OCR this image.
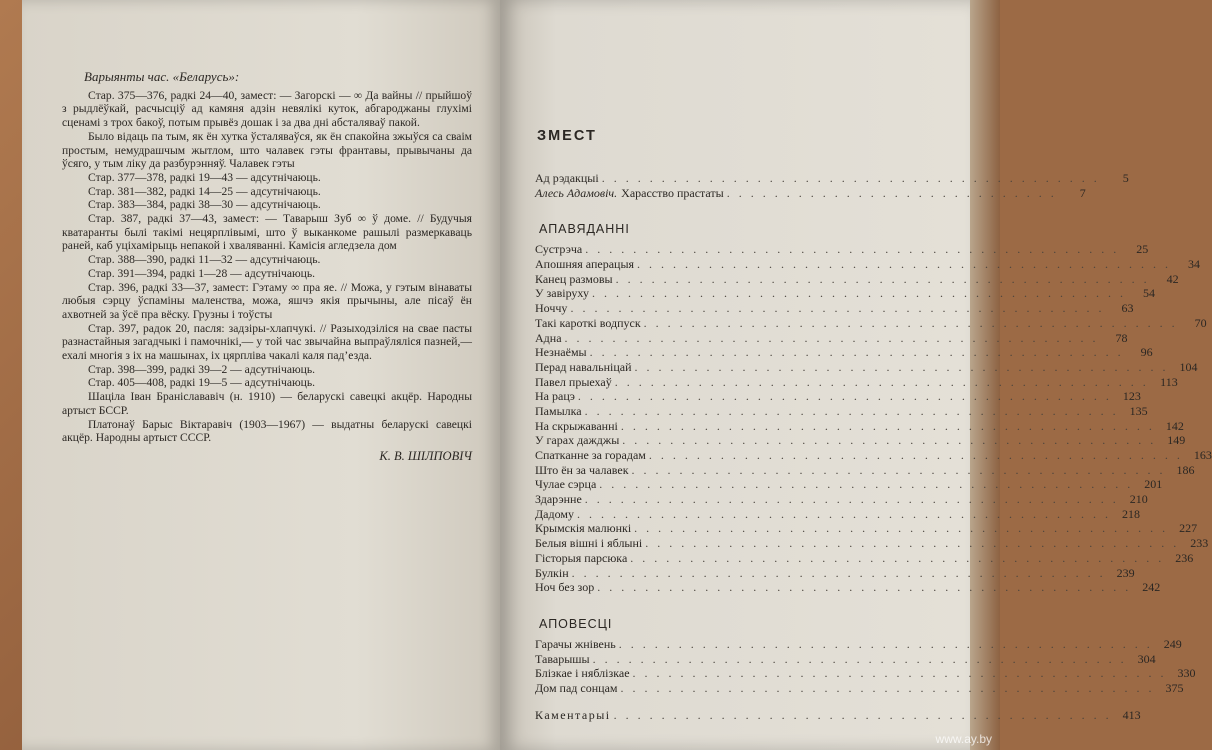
Варыянты час. «Беларусь»:

Стар. 375—376, радкі 24—40, замест: — Загорскі — ∞ Да вайны // прыйшоў з рыдлёўкай, расчысціў ад камяня адзін невялікі куток, абгароджаны глухімі сценамі з трох бакоў, потым прывёз дошак і за два дні абсталяваў пакой.

Было відаць па тым, як ён хутка ўсталяваўся, як ён спакойна зжыўся са сваім простым, немудрашчым жытлом, што чалавек гэты франтавы, прывычаны да ўсяго, у тым ліку да разбурэнняў. Чалавек гэты

Стар. 377—378, радкі 19—43 — адсутнічаюць.

Стар. 381—382, радкі 14—25 — адсутнічаюць.

Стар. 383—384, радкі 38—30 — адсутнічаюць.

Стар. 387, радкі 37—43, замест: — Таварыш Зуб ∞ ў доме. // Будучыя кватаранты былі такімі нецярплівымі, што ў выканкоме рашылі размеркаваць раней, каб уціхамірыць непакой і хваляванні. Камісія агледзела дом

Стар. 388—390, радкі 11—32 — адсутнічаюць.

Стар. 391—394, радкі 1—28 — адсутнічаюць.

Стар. 396, радкі 33—37, замест: Гэтаму ∞ пра яе. // Можа, у гэтым вінаваты любыя сэрцу ўспаміны маленства, можа, яшчэ якія прычыны, але пісаў ён ахвотней за ўсё пра вёску. Грузны і тоўсты

Стар. 397, радок 20, пасля: задзіры-хлапчукі. // Разыходзіліся на свае пасты разнастайныя загадчыкі і памочнікі,— у той час звычайна выпраўляліся пазней,— ехалі многія з іх на машынах, іх цярпліва чакалі каля пад’езда.

Стар. 398—399, радкі 39—2 — адсутнічаюць.

Стар. 405—408, радкі 19—5 — адсутнічаюць.

Шацiла Іван Браніслававіч (н. 1910) — беларускі савецкі акцёр. Народны артыст БССР.

Платонаў Барыс Віктаравіч (1903—1967) — выдатны беларускі савецкі акцёр. Народны артыст СССР.

К. В. ШІЛПОВІЧ

ЗМЕСТ
Ад рэдакцыі . . . . . . . . . . . . . . . . . . . . . . . . . . . . . . . . . . . . . . . . . .	5
Алесь Адамовіч. Харасство прастаты . . . . . . . . . . . . . . . . . . . . . . . . . . . .	7
АПАВЯДАННІ
Сустрэча . . . . . . . . . . . . . . . . . . . . . . . . . . . . . . . . . . . . . . . . . . . . .	25
Апошняя аперацыя . . . . . . . . . . . . . . . . . . . . . . . . . . . . . . . . . . . . . . . . . . . . .	34
Канец размовы . . . . . . . . . . . . . . . . . . . . . . . . . . . . . . . . . . . . . . . . . . . . .	42
У завіруху . . . . . . . . . . . . . . . . . . . . . . . . . . . . . . . . . . . . . . . . . . . . .	54
Ноччу . . . . . . . . . . . . . . . . . . . . . . . . . . . . . . . . . . . . . . . . . . . . .	63
Такі кароткі водпуск . . . . . . . . . . . . . . . . . . . . . . . . . . . . . . . . . . . . . . . . . . . . .	70
Адна . . . . . . . . . . . . . . . . . . . . . . . . . . . . . . . . . . . . . . . . . . . . .	78
Незнаёмы . . . . . . . . . . . . . . . . . . . . . . . . . . . . . . . . . . . . . . . . . . . . .	96
Перад навальніцай . . . . . . . . . . . . . . . . . . . . . . . . . . . . . . . . . . . . . . . . . . . . . 104
Павел прыехаў . . . . . . . . . . . . . . . . . . . . . . . . . . . . . . . . . . . . . . . . . . . . . 113
На рацэ . . . . . . . . . . . . . . . . . . . . . . . . . . . . . . . . . . . . . . . . . . . . . 123
Памылка . . . . . . . . . . . . . . . . . . . . . . . . . . . . . . . . . . . . . . . . . . . . . 135
На скрыжаванні . . . . . . . . . . . . . . . . . . . . . . . . . . . . . . . . . . . . . . . . . . . . . 142
У гарах дажджы . . . . . . . . . . . . . . . . . . . . . . . . . . . . . . . . . . . . . . . . . . . . . 149
Спатканне за горадам . . . . . . . . . . . . . . . . . . . . . . . . . . . . . . . . . . . . . . . . . . . . . 163
Што ён за чалавек . . . . . . . . . . . . . . . . . . . . . . . . . . . . . . . . . . . . . . . . . . . . . 186
Чулае сэрца . . . . . . . . . . . . . . . . . . . . . . . . . . . . . . . . . . . . . . . . . . . . . 201
Здарэнне . . . . . . . . . . . . . . . . . . . . . . . . . . . . . . . . . . . . . . . . . . . . . 210
Дадому . . . . . . . . . . . . . . . . . . . . . . . . . . . . . . . . . . . . . . . . . . . . . 218
Крымскія малюнкі . . . . . . . . . . . . . . . . . . . . . . . . . . . . . . . . . . . . . . . . . . . . . 227
Белыя вішні і яблыні . . . . . . . . . . . . . . . . . . . . . . . . . . . . . . . . . . . . . . . . . . . . . 233
Гісторыя парсюка . . . . . . . . . . . . . . . . . . . . . . . . . . . . . . . . . . . . . . . . . . . . . 236
Булкін . . . . . . . . . . . . . . . . . . . . . . . . . . . . . . . . . . . . . . . . . . . . . 239
Ноч без зор . . . . . . . . . . . . . . . . . . . . . . . . . . . . . . . . . . . . . . . . . . . . . 242
АПОВЕСЦІ
Гарачы жнівень . . . . . . . . . . . . . . . . . . . . . . . . . . . . . . . . . . . . . . . . . . . . . 249
Таварышы . . . . . . . . . . . . . . . . . . . . . . . . . . . . . . . . . . . . . . . . . . . . . 304
Блізкае і няблізкае . . . . . . . . . . . . . . . . . . . . . . . . . . . . . . . . . . . . . . . . . . . . . 330
Дом пад сонцам . . . . . . . . . . . . . . . . . . . . . . . . . . . . . . . . . . . . . . . . . . . . . 375
Каментарыі . . . . . . . . . . . . . . . . . . . . . . . . . . . . . . . . . . . . . . . . . . 413
www.ay.by
